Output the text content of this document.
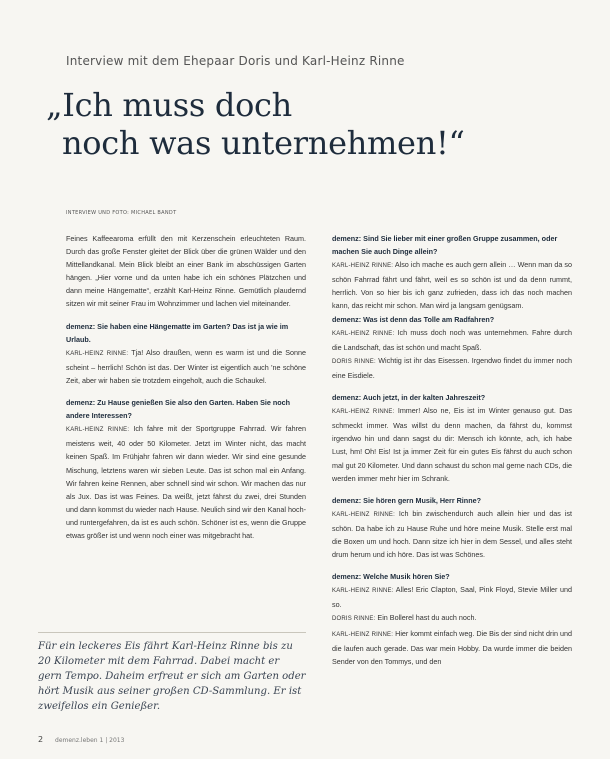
Interview mit dem Ehepaar Doris und Karl-Heinz Rinne
„Ich muss doch
noch was unternehmen!“
INTERVIEW UND FOTO: MICHAEL BANDT

Feines Kaffeearoma erfüllt den mit Kerzenschein erleuchteten Raum. Durch das große Fenster gleitet der Blick über die grünen Wälder und den Mittellandkanal. Mein Blick bleibt an einer Bank im abschüssigen Garten hängen. „Hier vorne und da unten habe ich ein schönes Plätzchen und dann meine Hängematte“, erzählt Karl-Heinz Rinne. Gemütlich plaudernd sitzen wir mit seiner Frau im Wohnzimmer und lachen viel miteinander.

demenz: Sie haben eine Hängematte im Garten? Das ist ja wie im Urlaub.

KARL-HEINZ RINNE: Tja! Also draußen, wenn es warm ist und die Sonne scheint – herrlich! Schön ist das. Der Winter ist eigentlich auch 'ne schöne Zeit, aber wir haben sie trotzdem eingeholt, auch die Schaukel.

demenz: Zu Hause genießen Sie also den Garten. Haben Sie noch andere Interessen?

KARL-HEINZ RINNE: Ich fahre mit der Sportgruppe Fahrrad. Wir fahren meistens weit, 40 oder 50 Kilometer. Jetzt im Winter nicht, das macht keinen Spaß. Im Frühjahr fahren wir dann wieder. Wir sind eine gesunde Mischung, letztens waren wir sieben Leute. Das ist schon mal ein Anfang. Wir fahren keine Rennen, aber schnell sind wir schon. Wir machen das nur als Jux. Das ist was Feines. Da weißt, jetzt fährst du zwei, drei Stunden und dann kommst du wieder nach Hause. Neulich sind wir den Kanal hoch- und runtergefahren, da ist es auch schön. Schöner ist es, wenn die Gruppe etwas größer ist und wenn noch einer was mitgebracht hat.

demenz: Sind Sie lieber mit einer großen Gruppe zusammen, oder machen Sie auch Dinge allein?

KARL-HEINZ RINNE: Also ich mache es auch gern allein … Wenn man da so schön Fahrrad fährt und fährt, weil es so schön ist und da denn rummt, herrlich. Von so hier bis ich ganz zufrieden, dass ich das noch machen kann, das reicht mir schon. Man wird ja langsam genügsam.

demenz: Was ist denn das Tolle am Radfahren?

KARL-HEINZ RINNE: Ich muss doch noch was unternehmen. Fahre durch die Landschaft, das ist schön und macht Spaß.

DORIS RINNE: Wichtig ist ihr das Eisessen. Irgendwo findet du immer noch eine Eisdiele.

demenz: Auch jetzt, in der kalten Jahreszeit?

KARL-HEINZ RINNE: Immer! Also ne, Eis ist im Winter genauso gut. Das schmeckt immer. Was willst du denn machen, da fährst du, kommst irgendwo hin und dann sagst du dir: Mensch ich könnte, ach, ich habe Lust, hm! Oh! Eis! Ist ja immer Zeit für ein gutes Eis fährst du auch schon mal gut 20 Kilometer. Und dann schaust du schon mal gerne nach CDs, die werden immer mehr hier im Schrank.

demenz: Sie hören gern Musik, Herr Rinne?

KARL-HEINZ RINNE: Ich bin zwischendurch auch allein hier und das ist schön. Da habe ich zu Hause Ruhe und höre meine Musik. Stelle erst mal die Boxen um und hoch. Dann sitze ich hier in dem Sessel, und alles steht drum herum und ich höre. Das ist was Schönes.

demenz: Welche Musik hören Sie?

KARL-HEINZ RINNE: Alles! Eric Clapton, Saal, Pink Floyd, Stevie Miller und so.

DORIS RINNE: Ein Bollerel hast du auch noch.

KARL-HEINZ RINNE: Hier kommt einfach weg. Die Bis der sind nicht drin und die laufen auch gerade. Das war mein Hobby. Da wurde immer die beiden Sender von den Tommys, und den

Für ein leckeres Eis fährt Karl-Heinz Rinne bis zu 20 Kilometer mit dem Fahrrad. Dabei macht er gern Tempo. Daheim erfreut er sich am Garten oder hört Musik aus seiner großen CD-Sammlung. Er ist zweifellos ein Genießer.
2 demenz.leben 1 | 2013
